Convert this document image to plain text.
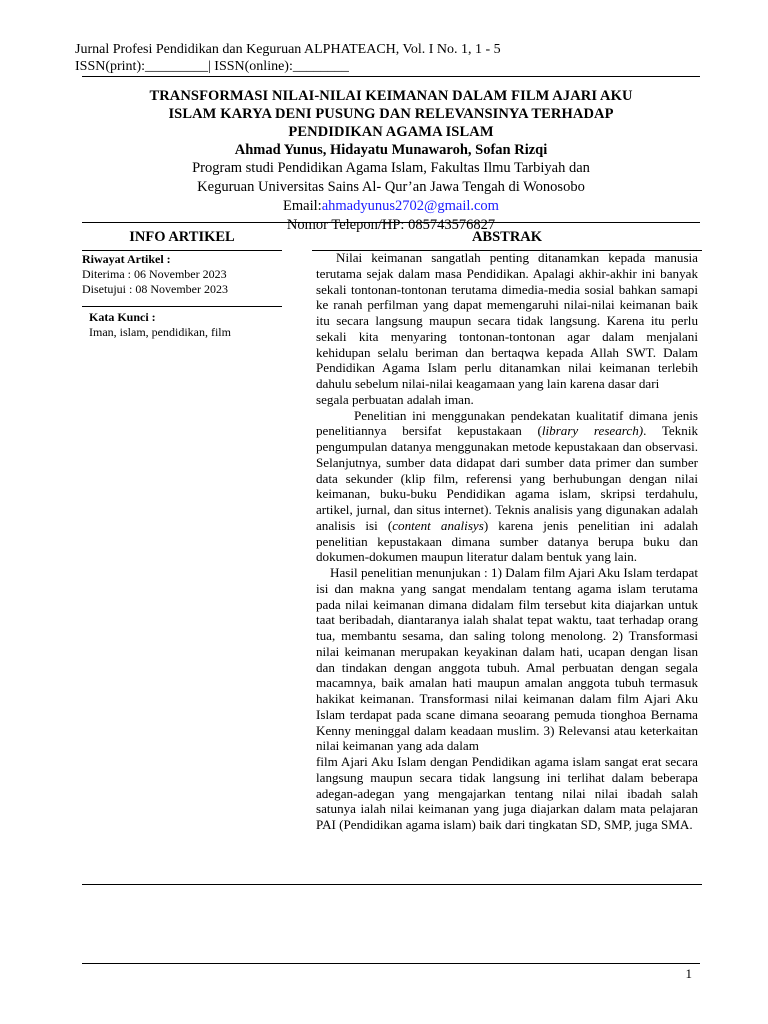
Jurnal Profesi Pendidikan dan Keguruan ALPHATEACH, Vol. I No. 1, 1 - 5
ISSN(print):_________| ISSN(online):________
TRANSFORMASI NILAI-NILAI KEIMANAN DALAM FILM AJARI AKU
ISLAM KARYA DENI PUSUNG DAN RELEVANSINYA TERHADAP
PENDIDIKAN AGAMA ISLAM
Ahmad Yunus, Hidayatu Munawaroh, Sofan Rizqi
Program studi Pendidikan Agama Islam, Fakultas Ilmu Tarbiyah dan
Keguruan Universitas Sains Al- Qur’an Jawa Tengah di Wonosobo
Email:ahmadyunus2702@gmail.com
Nomor Telepon/HP: 085743576827
INFO ARTIKEL	ABSTRAK
Riwayat Artikel :
Diterima : 06 November 2023
Disetujui : 08 November 2023
Kata Kunci :
Iman, islam, pendidikan, film

Nilai keimanan sangatlah penting ditanamkan kepada manusia terutama sejak dalam masa Pendidikan. Apalagi akhir-akhir ini banyak sekali tontonan-tontonan terutama dimedia-media sosial bahkan samapi ke ranah perfilman yang dapat memengaruhi nilai-nilai keimanan baik itu secara langsung maupun secara tidak langsung. Karena itu perlu sekali kita menyaring tontonan-tontonan agar dalam menjalani kehidupan selalu beriman dan bertaqwa kepada Allah SWT. Dalam Pendidikan Agama Islam perlu ditanamkan nilai keimanan terlebih dahulu sebelum nilai-nilai keagamaan yang lain karena dasar dari

segala perbuatan adalah iman.

Penelitian ini menggunakan pendekatan kualitatif dimana jenis penelitiannya bersifat kepustakaan (library research). Teknik pengumpulan datanya menggunakan metode kepustakaan dan observasi. Selanjutnya, sumber data didapat dari sumber data primer dan sumber data sekunder (klip film, referensi yang berhubungan dengan nilai keimanan, buku-buku Pendidikan agama islam, skripsi terdahulu, artikel, jurnal, dan situs internet). Teknis analisis yang digunakan adalah analisis isi (content analisys) karena jenis penelitian ini adalah penelitian kepustakaan dimana sumber datanya berupa buku dan dokumen-dokumen maupun literatur dalam bentuk yang lain.

Hasil penelitian menunjukan : 1) Dalam film Ajari Aku Islam terdapat isi dan makna yang sangat mendalam tentang agama islam terutama pada nilai keimanan dimana didalam film tersebut kita diajarkan untuk taat beribadah, diantaranya ialah shalat tepat waktu, taat terhadap orang tua, membantu sesama, dan saling tolong menolong. 2) Transformasi nilai keimanan merupakan keyakinan dalam hati, ucapan dengan lisan dan tindakan dengan anggota tubuh. Amal perbuatan dengan segala macamnya, baik amalan hati maupun amalan anggota tubuh termasuk hakikat keimanan. Transformasi nilai keimanan dalam film Ajari Aku Islam terdapat pada scane dimana seoarang pemuda tionghoa Bernama Kenny meninggal dalam keadaan muslim. 3) Relevansi atau keterkaitan nilai keimanan yang ada dalam

film Ajari Aku Islam dengan Pendidikan agama islam sangat erat secara langsung maupun secara tidak langsung ini terlihat dalam beberapa adegan-adegan yang mengajarkan tentang nilai nilai ibadah salah satunya ialah nilai keimanan yang juga diajarkan dalam mata pelajaran PAI (Pendidikan agama islam) baik dari tingkatan SD, SMP, juga SMA.

1
